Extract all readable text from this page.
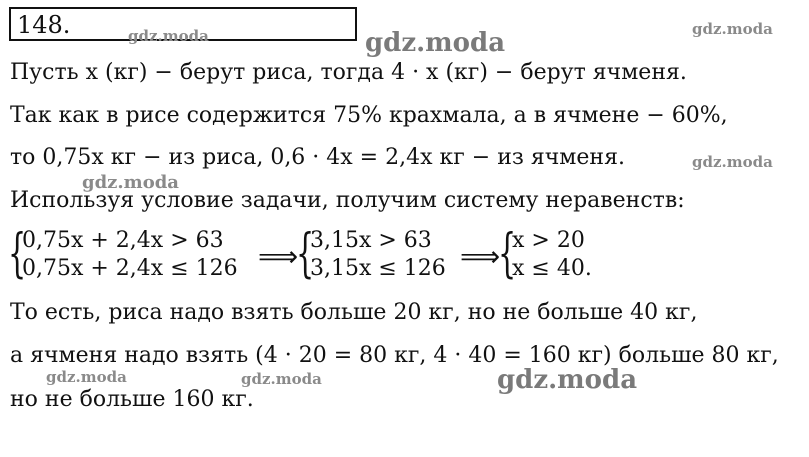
148.	gdz.moda	gdz.moda	gdz.moda
Пусть x (кг) − берут риса, тогда 4 · x (кг) − берут ячменя.
Так как в рисе содержится 75% крахмала, а в ячмене − 60%,
то 0,75x кг − из риса, 0,6 · 4x = 2,4x кг − из ячменя.	gdz.moda
gdz.moda
Используя условие задачи, получим систему неравенств:
{
0,75x + 2,4x > 63
0,75x + 2,4x ≤ 126 ⟹
{
3,15x > 63
3,15x ≤ 126 ⟹
{
x > 20
x ≤ 40.
То есть, риса надо взять больше 20 кг, но не больше 40 кг,
а ячменя надо взять (4 · 20 = 80 кг, 4 · 40 = 160 кг) больше 80 кг,
gdz.moda	gdz.moda	gdz.moda
но не больше 160 кг.
